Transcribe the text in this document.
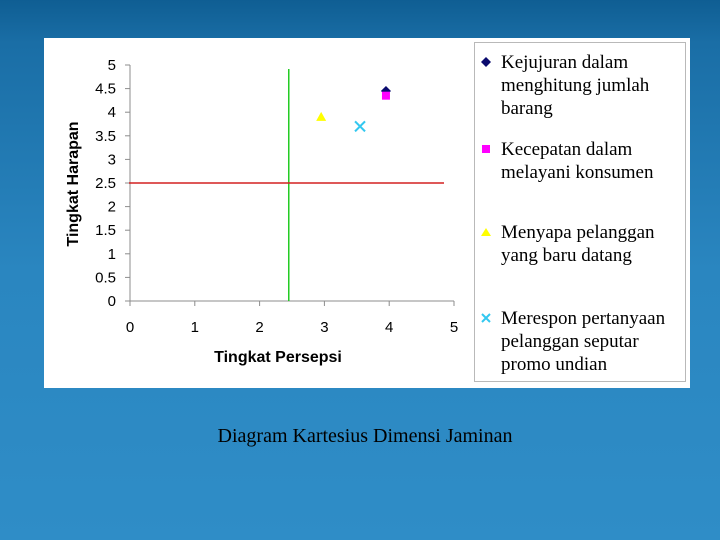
0
0.5
1
1.5
2
2.5
3
3.5
4
4.5
5
0	1	2	3	4	5
Tingkat Persepsi
Tingkat Harapan
Kejujuran dalam menghitung jumlah barang
Kecepatan dalam melayani konsumen
Menyapa pelanggan yang baru datang
Merespon pertanyaan pelanggan seputar promo undian
Diagram Kartesius Dimensi Jaminan
